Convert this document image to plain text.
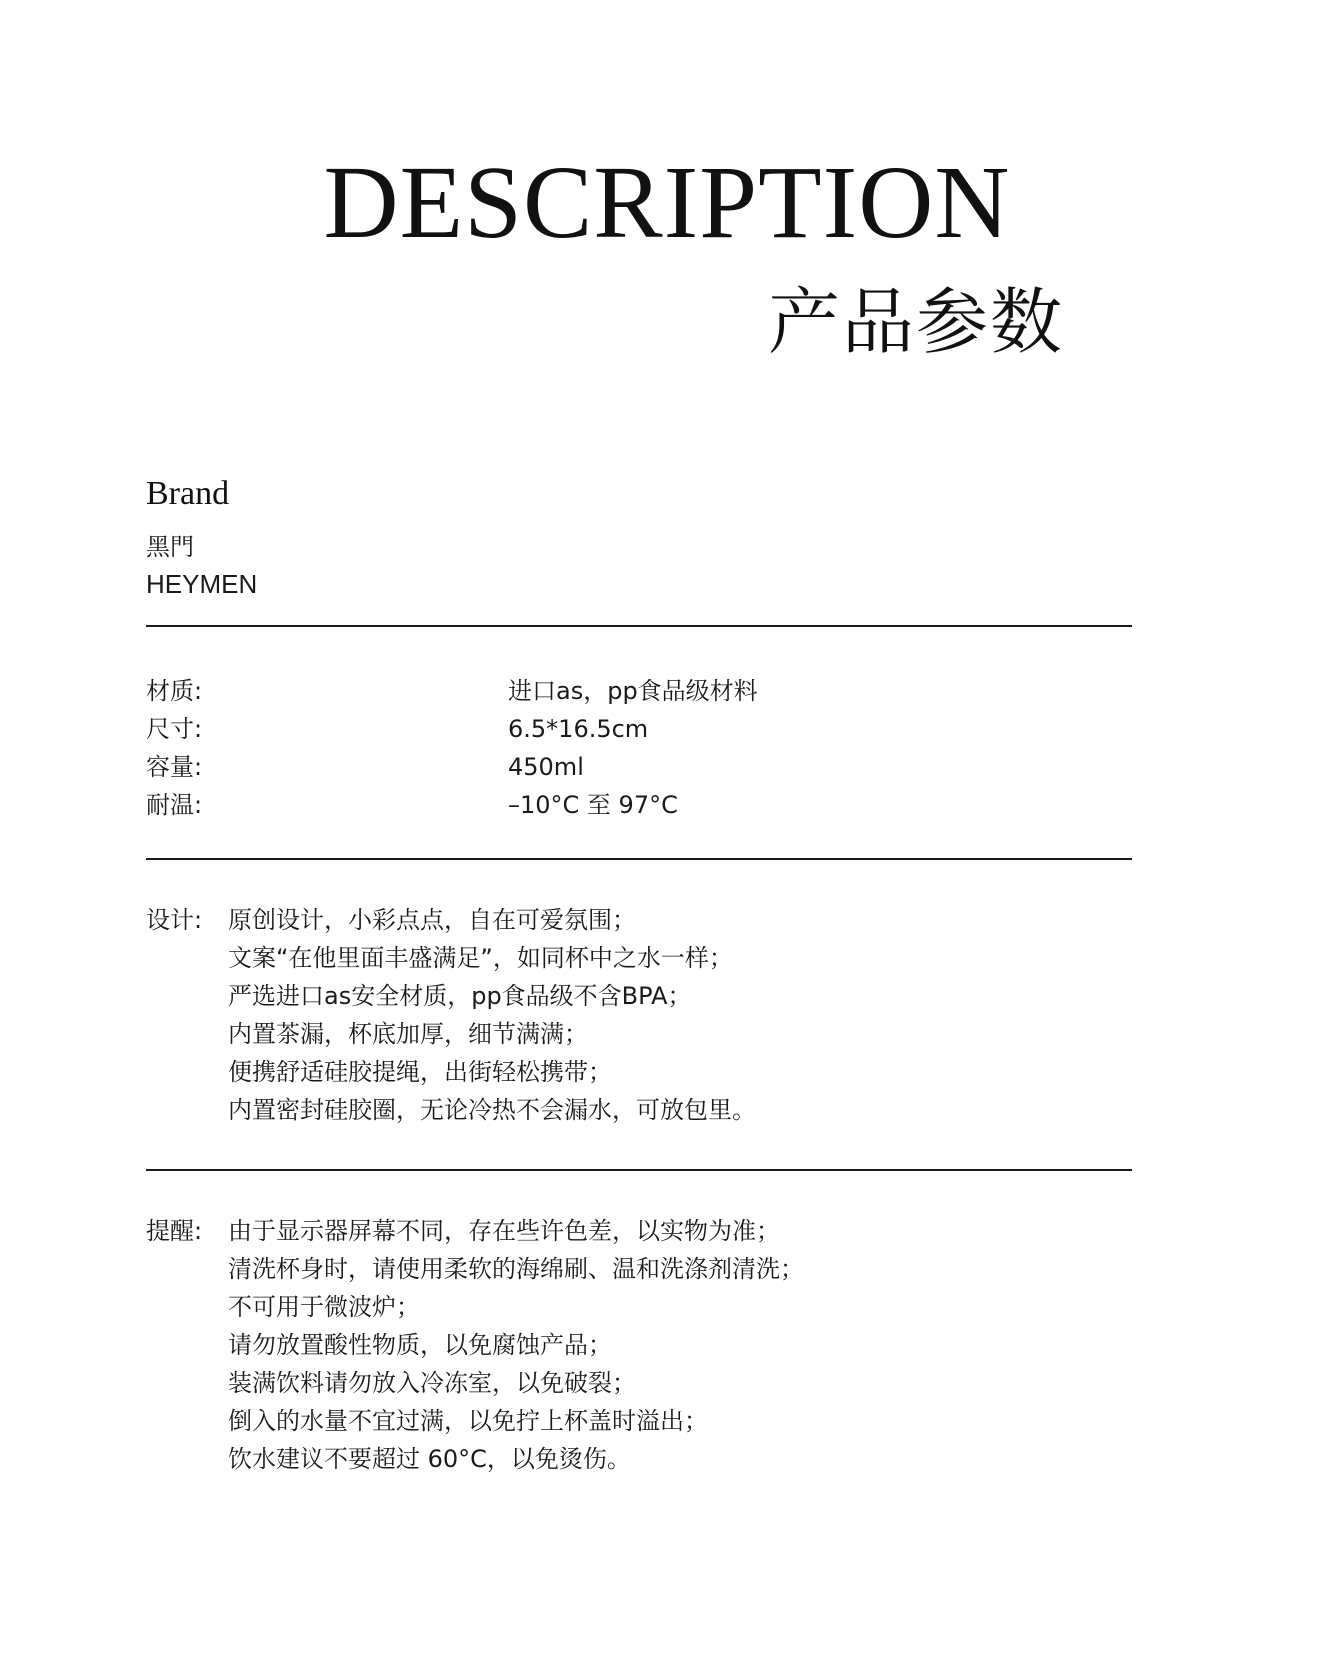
DESCRIPTION
产品参数
Brand
黑門
HEYMEN
材质:	进口as，pp食品级材料
尺寸:	6.5*16.5cm
容量:	450ml
耐温:	–10°C 至 97°C
设计: 原创设计，小彩点点，自在可爱氛围；
文案“在他里面丰盛满足”，如同杯中之水一样；
严选进口as安全材质，pp食品级不含BPA；
内置茶漏，杯底加厚，细节满满；
便携舒适硅胶提绳，出街轻松携带；
内置密封硅胶圈，无论冷热不会漏水，可放包里。
提醒: 由于显示器屏幕不同，存在些许色差，以实物为准；
清洗杯身时，请使用柔软的海绵刷、温和洗涤剂清洗；
不可用于微波炉；
请勿放置酸性物质，以免腐蚀产品；
装满饮料请勿放入冷冻室，以免破裂；
倒入的水量不宜过满，以免拧上杯盖时溢出；
饮水建议不要超过 60°C，以免烫伤。
